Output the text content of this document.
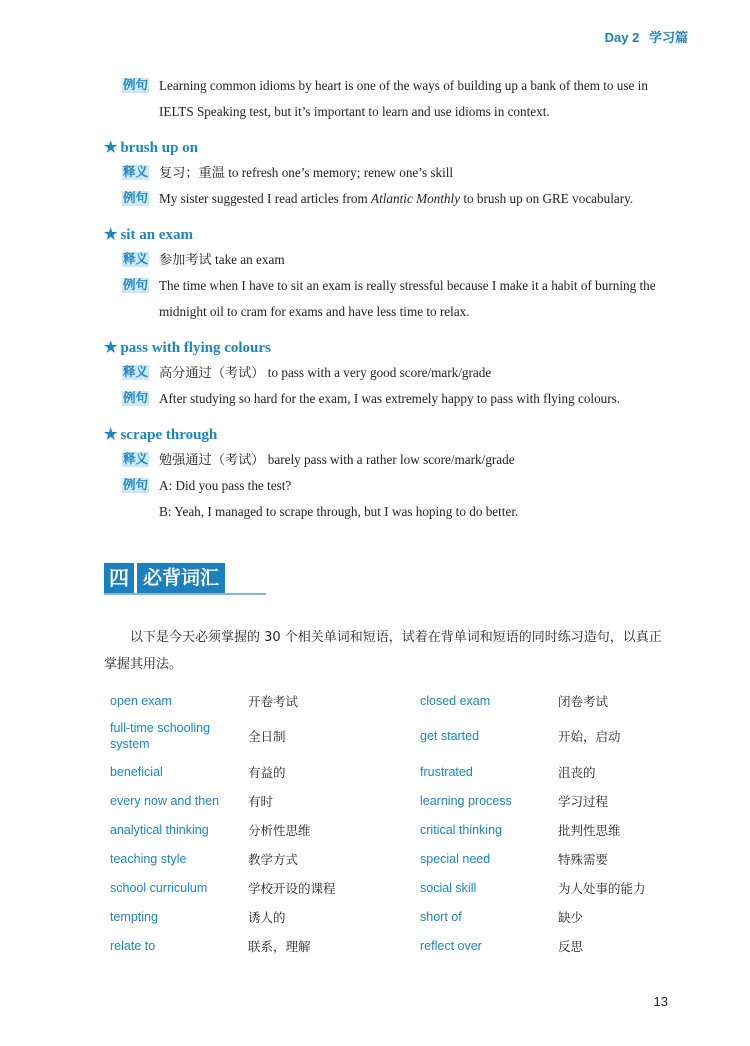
Day 2 学习篇
例句 Learning common idioms by heart is one of the ways of building up a bank of them to use in
IELTS Speaking test, but it’s important to learn and use idioms in context.
★ brush up on
释义 复习；重温 to refresh one’s memory; renew one’s skill
例句 My sister suggested I read articles from Atlantic Monthly to brush up on GRE vocabulary.
★ sit an exam
释义 参加考试 take an exam
例句 The time when I have to sit an exam is really stressful because I make it a habit of burning the
midnight oil to cram for exams and have less time to relax.
★ pass with flying colours
释义 高分通过（考试） to pass with a very good score/mark/grade
例句 After studying so hard for the exam, I was extremely happy to pass with flying colours.
★ scrape through
释义 勉强通过（考试） barely pass with a rather low score/mark/grade
例句 A: Did you pass the test?
B: Yeah, I managed to scrape through, but I was hoping to do better.
四 必背词汇
以下是今天必须掌握的 30 个相关单词和短语，试着在背单词和短语的同时练习造句，以真正掌握其用法。
open exam	开卷考试	closed exam	闭卷考试
full-time schooling system	全日制	get started	开始，启动
beneficial	有益的	frustrated	沮丧的
every now and then	有时	learning process	学习过程
analytical thinking	分析性思维	critical thinking	批判性思维
teaching style	教学方式	special need	特殊需要
school curriculum	学校开设的课程	social skill	为人处事的能力
tempting	诱人的	short of	缺少
relate to	联系，理解	reflect over	反思
13
